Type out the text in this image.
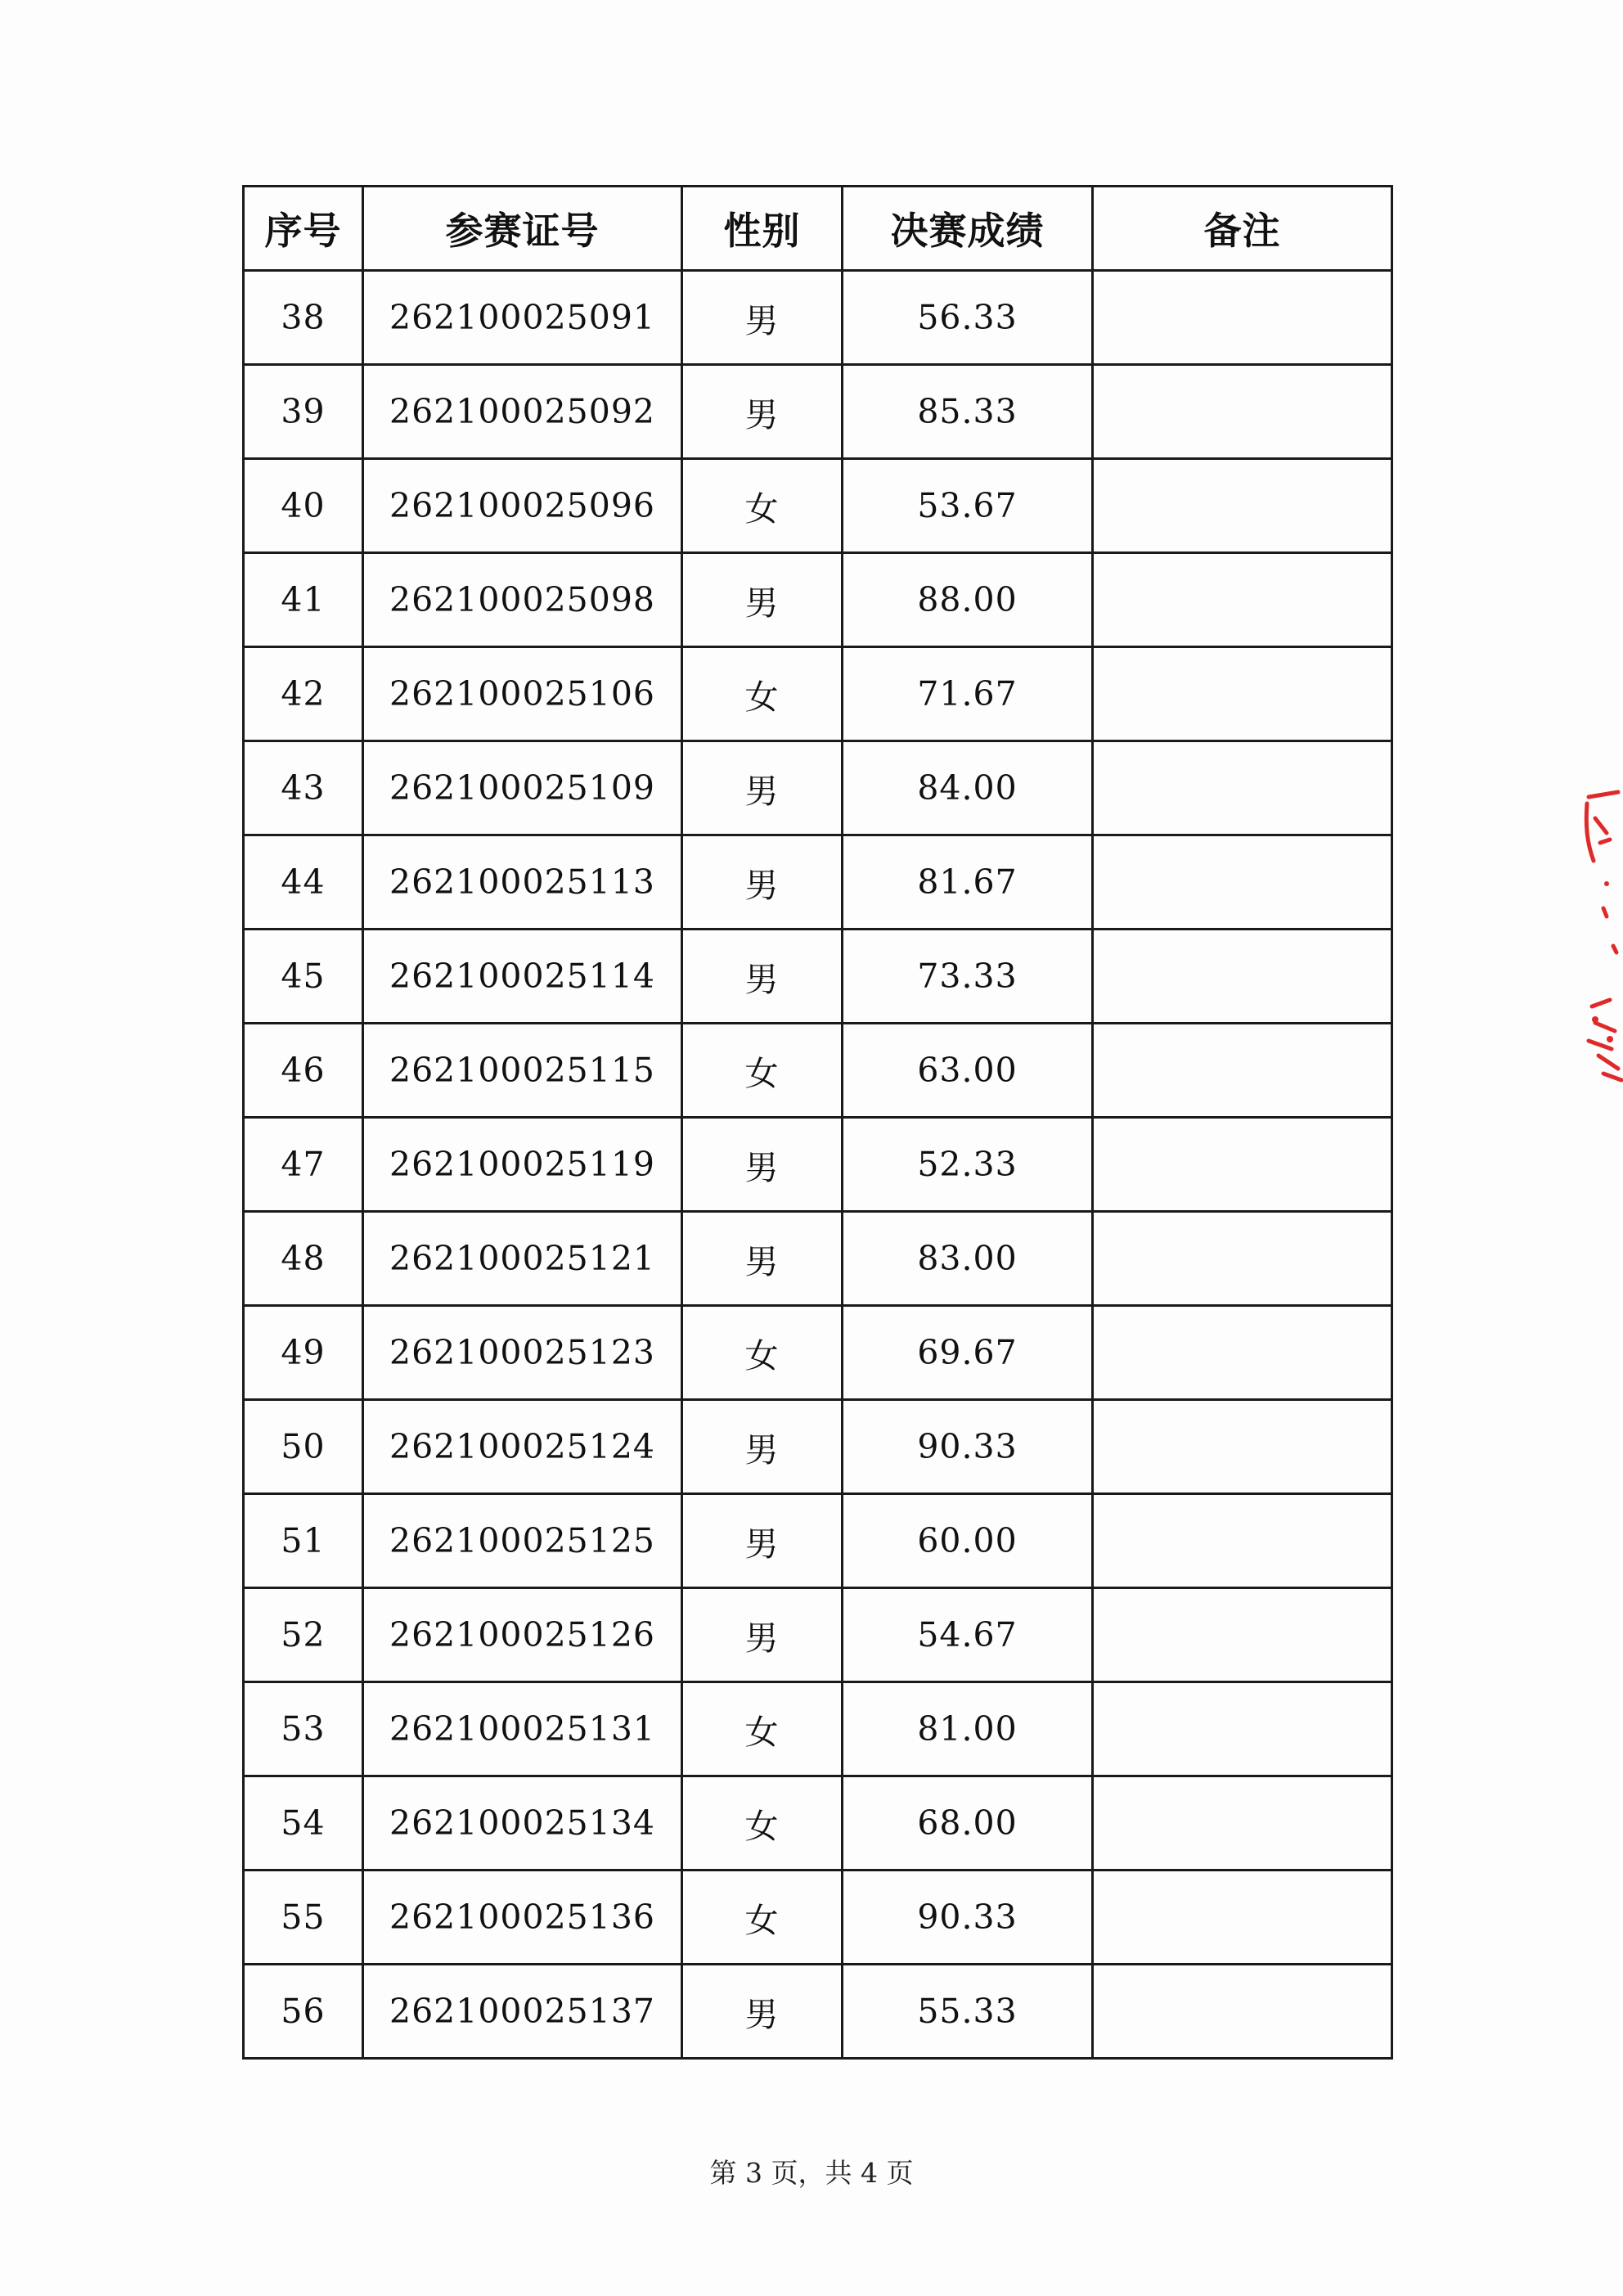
序号	参赛证号	性别	决赛成绩	备注
38	262100025091	男	56.33	
39	262100025092	男	85.33	
40	262100025096	女	53.67	
41	262100025098	男	88.00	
42	262100025106	女	71.67	
43	262100025109	男	84.00	
44	262100025113	男	81.67	
45	262100025114	男	73.33	
46	262100025115	女	63.00	
47	262100025119	男	52.33	
48	262100025121	男	83.00	
49	262100025123	女	69.67	
50	262100025124	男	90.33	
51	262100025125	男	60.00	
52	262100025126	男	54.67	
53	262100025131	女	81.00	
54	262100025134	女	68.00	
55	262100025136	女	90.33	
56	262100025137	男	55.33	
第 3 页，共 4 页
